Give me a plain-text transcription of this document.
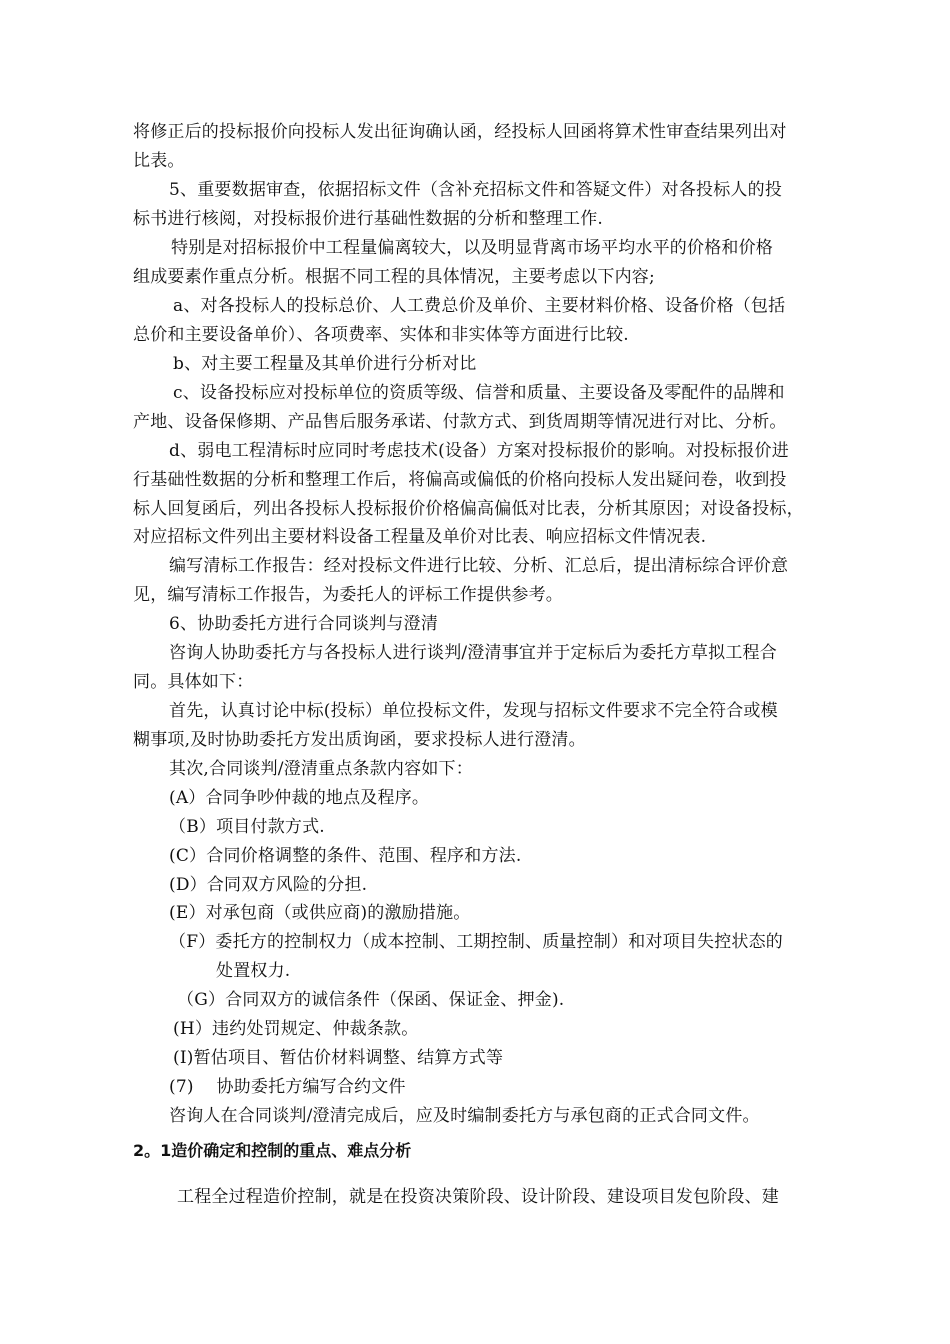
将修正后的投标报价向投标人发出征询确认函，经投标人回函将算术性审查结果列出对
比表。
5、重要数据审查，依据招标文件（含补充招标文件和答疑文件）对各投标人的投
标书进行核阅，对投标报价进行基础性数据的分析和整理工作.
特别是对招标报价中工程量偏离较大，以及明显背离市场平均水平的价格和价格
组成要素作重点分析。根据不同工程的具体情况，主要考虑以下内容;
a、对各投标人的投标总价、人工费总价及单价、主要材料价格、设备价格（包括
总价和主要设备单价）、各项费率、实体和非实体等方面进行比较.
b、对主要工程量及其单价进行分析对比
c、设备投标应对投标单位的资质等级、信誉和质量、主要设备及零配件的品牌和
产地、设备保修期、产品售后服务承诺、付款方式、到货周期等情况进行对比、分析。
d、弱电工程清标时应同时考虑技术(设备）方案对投标报价的影响。对投标报价进
行基础性数据的分析和整理工作后，将偏高或偏低的价格向投标人发出疑问卷，收到投
标人回复函后，列出各投标人投标报价价格偏高偏低对比表，分析其原因；对设备投标，
对应招标文件列出主要材料设备工程量及单价对比表、响应招标文件情况表.
编写清标工作报告：经对投标文件进行比较、分析、汇总后，提出清标综合评价意
见，编写清标工作报告，为委托人的评标工作提供参考。
6、协助委托方进行合同谈判与澄清
咨询人协助委托方与各投标人进行谈判/澄清事宜并于定标后为委托方草拟工程合
同。具体如下：
首先，认真讨论中标(投标）单位投标文件，发现与招标文件要求不完全符合或模
糊事项,及时协助委托方发出质询函，要求投标人进行澄清。
其次,合同谈判/澄清重点条款内容如下：
(A）合同争吵仲裁的地点及程序。
（B）项目付款方式.
(C）合同价格调整的条件、范围、程序和方法.
(D）合同双方风险的分担.
(E）对承包商（或供应商)的激励措施。
（F）委托方的控制权力（成本控制、工期控制、质量控制）和对项目失控状态的
处置权力.
（G）合同双方的诚信条件（保函、保证金、押金).
(H）违约处罚规定、仲裁条款。
(I)暂估项目、暂估价材料调整、结算方式等
(7)　 协助委托方编写合约文件
咨询人在合同谈判/澄清完成后，应及时编制委托方与承包商的正式合同文件。
2。1造价确定和控制的重点、难点分析
工程全过程造价控制，就是在投资决策阶段、设计阶段、建设项目发包阶段、建
